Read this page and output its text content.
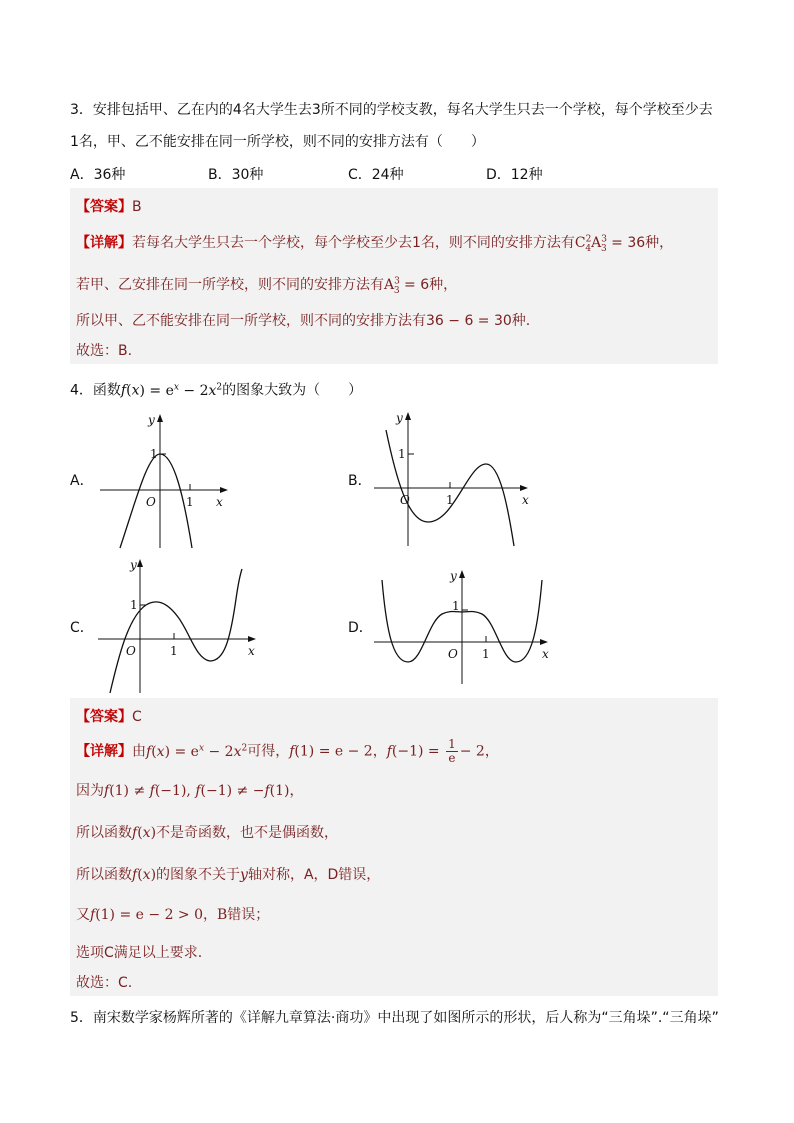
3．安排包括甲、乙在内的4名大学生去3所不同的学校支教，每名大学生只去一个学校，每个学校至少去
1名，甲、乙不能安排在同一所学校，则不同的安排方法有（　　）
A．36种	B．30种	C．24种	D．12种
【答案】B
【详解】若每名大学生只去一个学校，每个学校至少去1名，则不同的安排方法有$C^2_4A^3_3 = 36$种，
若甲、乙安排在同一所学校，则不同的安排方法有$A^3_3 = 6$种，
所以甲、乙不能安排在同一所学校，则不同的安排方法有36 − 6 = 30种.
故选：B.
4．函数$f(x) = e^x - 2x^2$的图象大致为（　　）
A．	B．
C．	D．
y
x
O
1
1
y
x
O
1
1
y
x
O
1
1
y
x
O
1
1
【答案】C
【详解】由$f(x) = e^x - 2x^2$可得，f(1) = e − 2，$f(-1) = \frac{1}{e} - 2$，
因为f(1) ≠ f(−1), f(−1) ≠ −f(1)，
所以函数f(x)不是奇函数，也不是偶函数，
所以函数f(x)的图象不关于y轴对称，A，D错误，
又f(1) = e − 2 > 0，B错误；
选项C满足以上要求.
故选：C.
5．南宋数学家杨辉所著的《详解九章算法·商功》中出现了如图所示的形状，后人称为“三角垛”.“三角垛”
